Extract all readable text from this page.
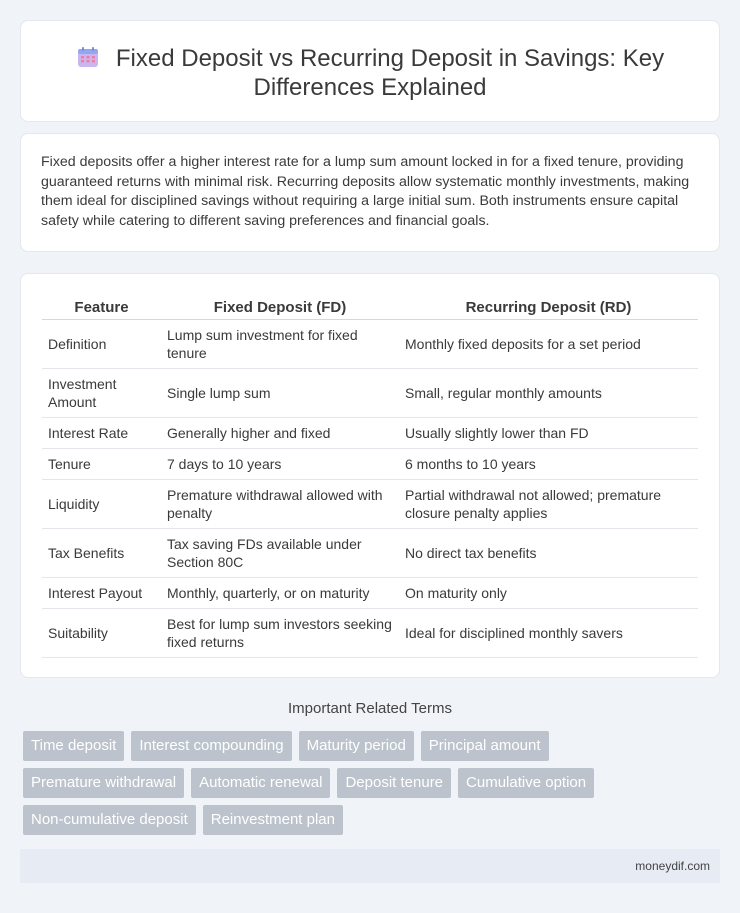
Fixed Deposit vs Recurring Deposit in Savings: Key Differences Explained

Fixed deposits offer a higher interest rate for a lump sum amount locked in for a fixed tenure, providing guaranteed returns with minimal risk. Recurring deposits allow systematic monthly investments, making them ideal for disciplined savings without requiring a large initial sum. Both instruments ensure capital safety while catering to different saving preferences and financial goals.

Feature	Fixed Deposit (FD)	Recurring Deposit (RD)
Definition	Lump sum investment for fixed tenure	Monthly fixed deposits for a set period
Investment Amount	Single lump sum	Small, regular monthly amounts
Interest Rate	Generally higher and fixed	Usually slightly lower than FD
Tenure	7 days to 10 years	6 months to 10 years
Liquidity	Premature withdrawal allowed with penalty	Partial withdrawal not allowed; premature closure penalty applies
Tax Benefits	Tax saving FDs available under Section 80C	No direct tax benefits
Interest Payout	Monthly, quarterly, or on maturity	On maturity only
Suitability	Best for lump sum investors seeking fixed returns	Ideal for disciplined monthly savers
Important Related Terms
Time deposit	Interest compounding	Maturity period	Principal amount
Premature withdrawal	Automatic renewal	Deposit tenure	Cumulative option
Non-cumulative deposit	Reinvestment plan
moneydif.com
